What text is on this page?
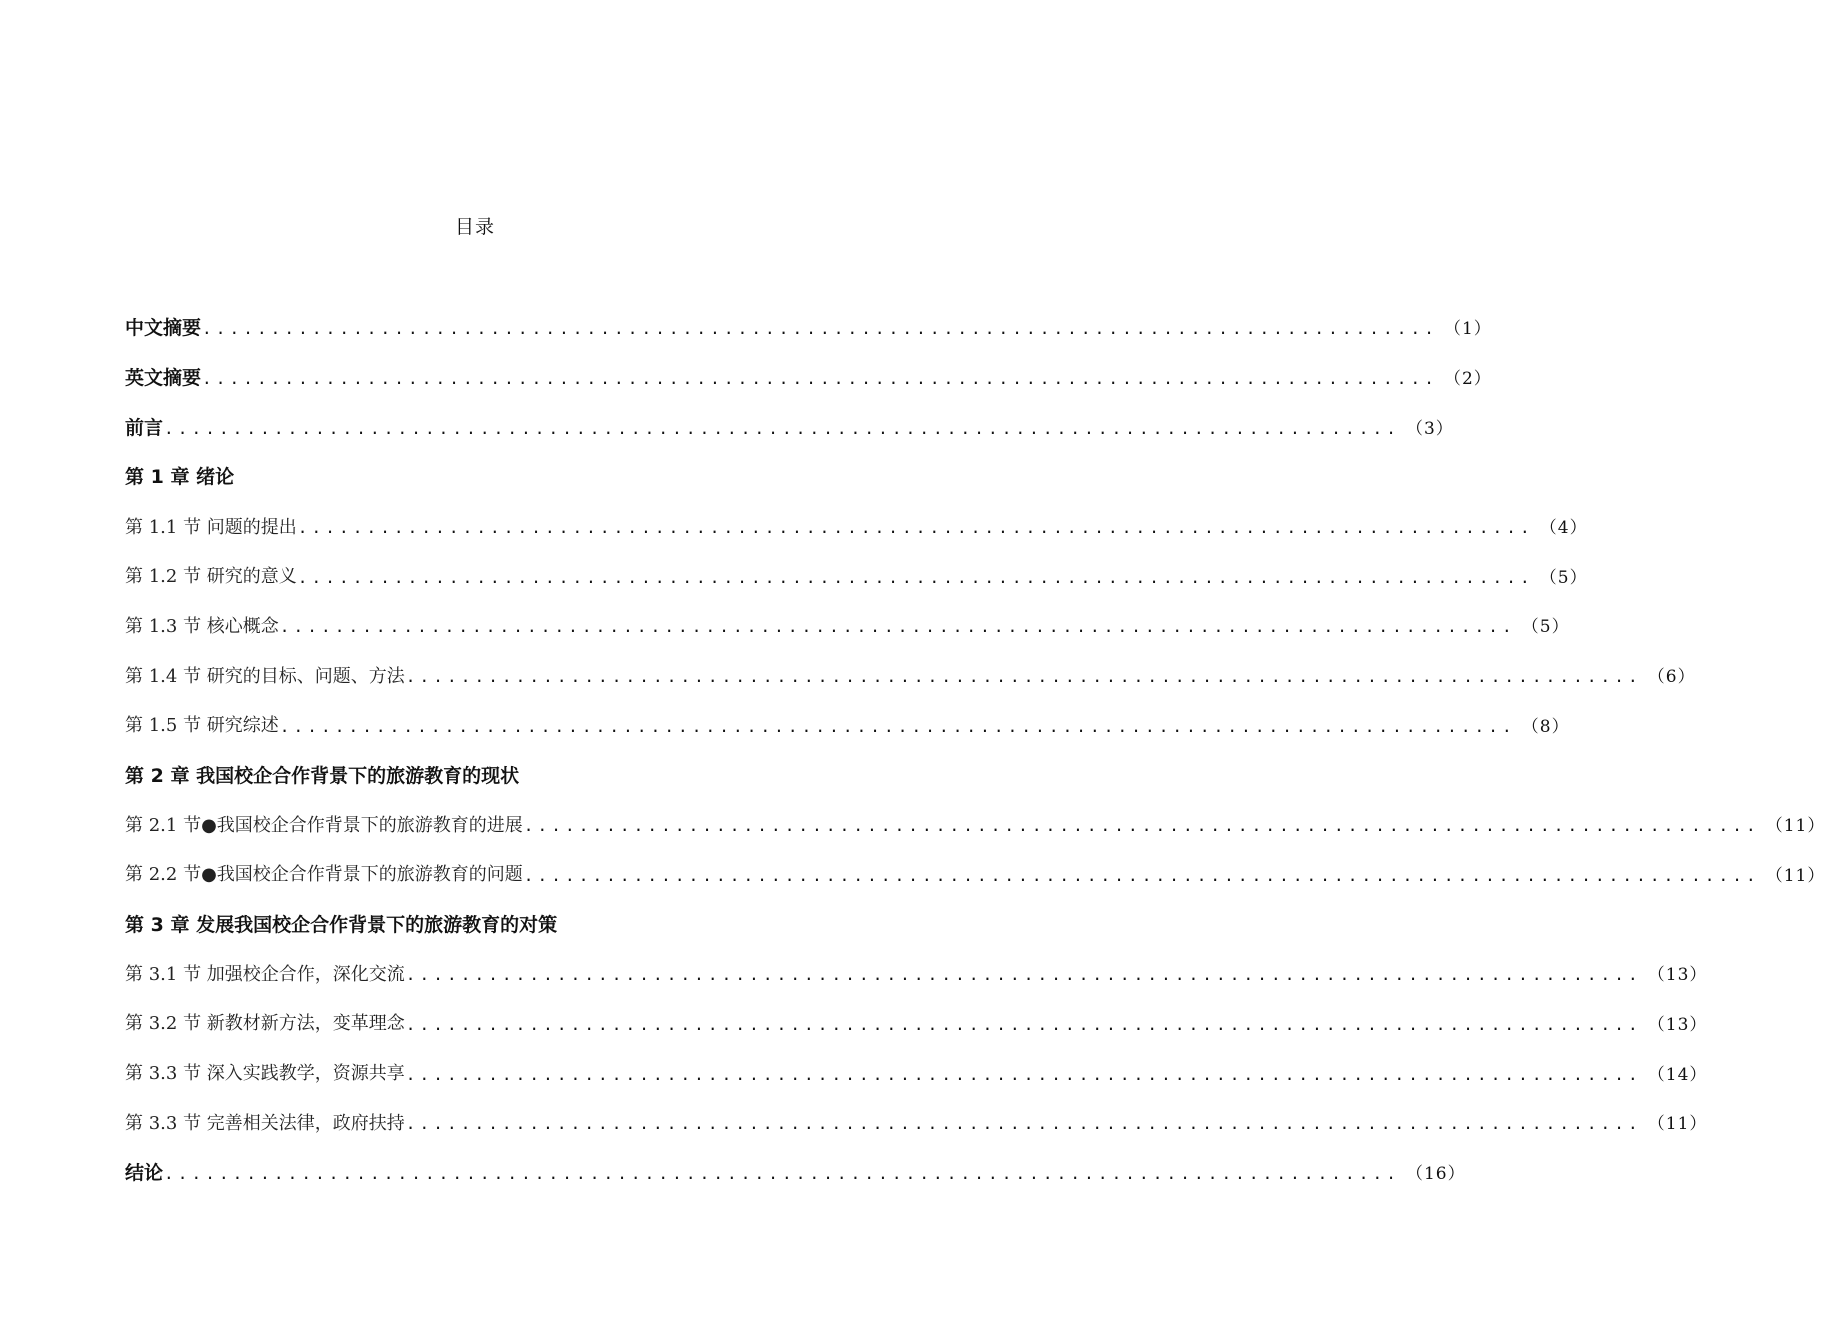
目录
中文摘要 .......................................................................................... （1）
英文摘要 .......................................................................................... （2）
前言 .......................................................................................... （3）
第 1 章 绪论
第 1.1 节 问题的提出 .......................................................................................... （4）
第 1.2 节 研究的意义 .......................................................................................... （5）
第 1.3 节 核心概念 .......................................................................................... （5）
第 1.4 节 研究的目标、问题、方法 .......................................................................................... （6）
第 1.5 节 研究综述 .......................................................................................... （8）
第 2 章 我国校企合作背景下的旅游教育的现状
第 2.1 节●我国校企合作背景下的旅游教育的进展 .......................................................................................... （11）
第 2.2 节●我国校企合作背景下的旅游教育的问题 .......................................................................................... （11）
第 3 章 发展我国校企合作背景下的旅游教育的对策
第 3.1 节 加强校企合作，深化交流 .......................................................................................... （13）
第 3.2 节 新教材新方法，变革理念 .......................................................................................... （13）
第 3.3 节 深入实践教学，资源共享 .......................................................................................... （14）
第 3.3 节 完善相关法律，政府扶持 .......................................................................................... （11）
结论 .......................................................................................... （16）
